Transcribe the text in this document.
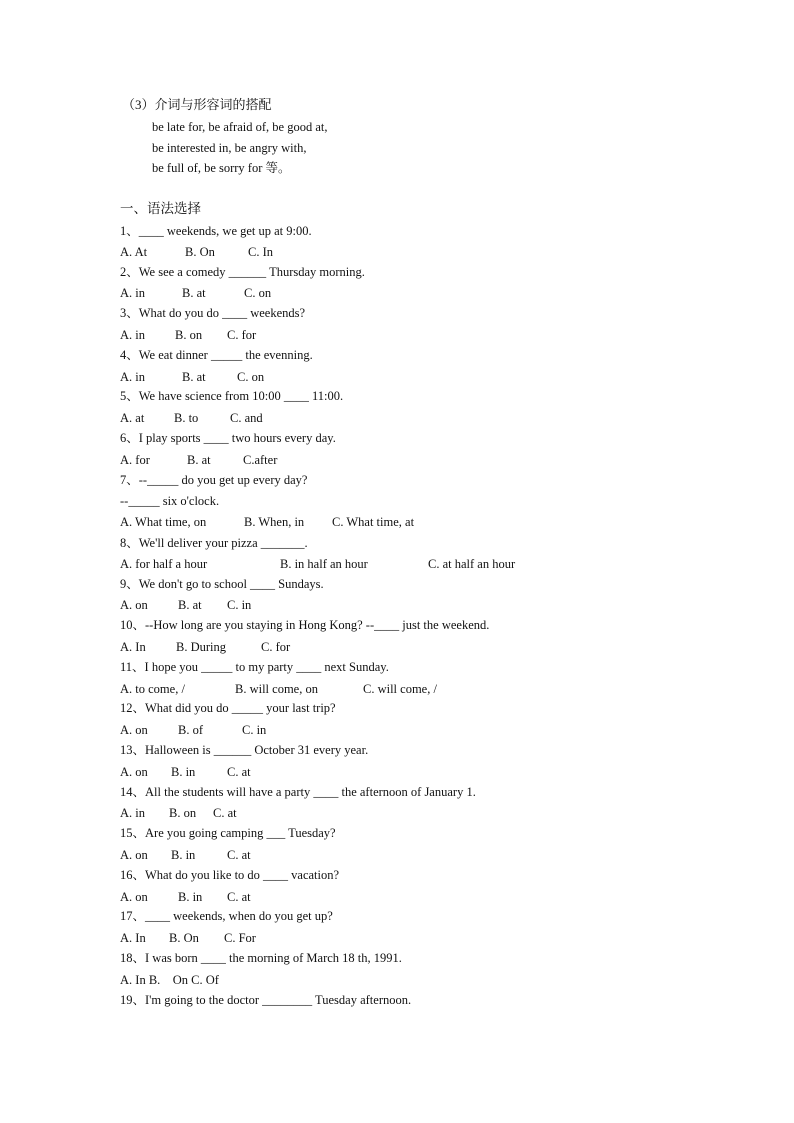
（3）介词与形容词的搭配
be late for, be afraid of, be good at,
be interested in, be angry with,
be full of, be sorry for 等。
一、语法选择
1、____ weekends, we get up at 9:00.

A. At

	B. On

	C. In

2、We see a comedy ______ Thursday morning.

A. in

	B. at

	C. on

3、What do you do ____ weekends?

A. in

B. on

C. for

4、We eat dinner _____ the evenning.

A. in

	B. at

	C. on

5、We have science from 10:00 ____ 11:00.

A. at

B. to

	C. and

6、I play sports ____ two hours every day.

A. for

	B. at

	C.after

7、--_____ do you get up every day?
--_____ six o'clock.

A. What time, on

	B. When, in

C. What time, at

8、We'll deliver your pizza _______.

A. for half a hour

	B. in half an hour

	C. at half an hour

9、We don't go to school ____ Sundays.

A. on

B. at

C. in

10、--How long are you staying in Hong Kong? --____ just the weekend.

A. In

B. During

	C. for

11、I hope you _____ to my party ____ next Sunday.

A. to come, /

	B. will come, on

	C. will come, /

12、What did you do _____ your last trip?

A. on

B. of

	C. in

13、Halloween is ______ October 31 every year.

A. on

B. in

	C. at

14、All the students will have a party ____ the afternoon of January 1.

A. in

B. on

C. at

15、Are you going camping ___ Tuesday?

A. on

B. in

	C. at

16、What do you like to do ____ vacation?

A. on

B. in

C. at

17、____ weekends, when do you get up?

A. In

B. On

C. For

18、I was born ____ the morning of March 18 th, 1991.
A. In B.    On C. Of
19、I'm going to the doctor ________ Tuesday afternoon.
